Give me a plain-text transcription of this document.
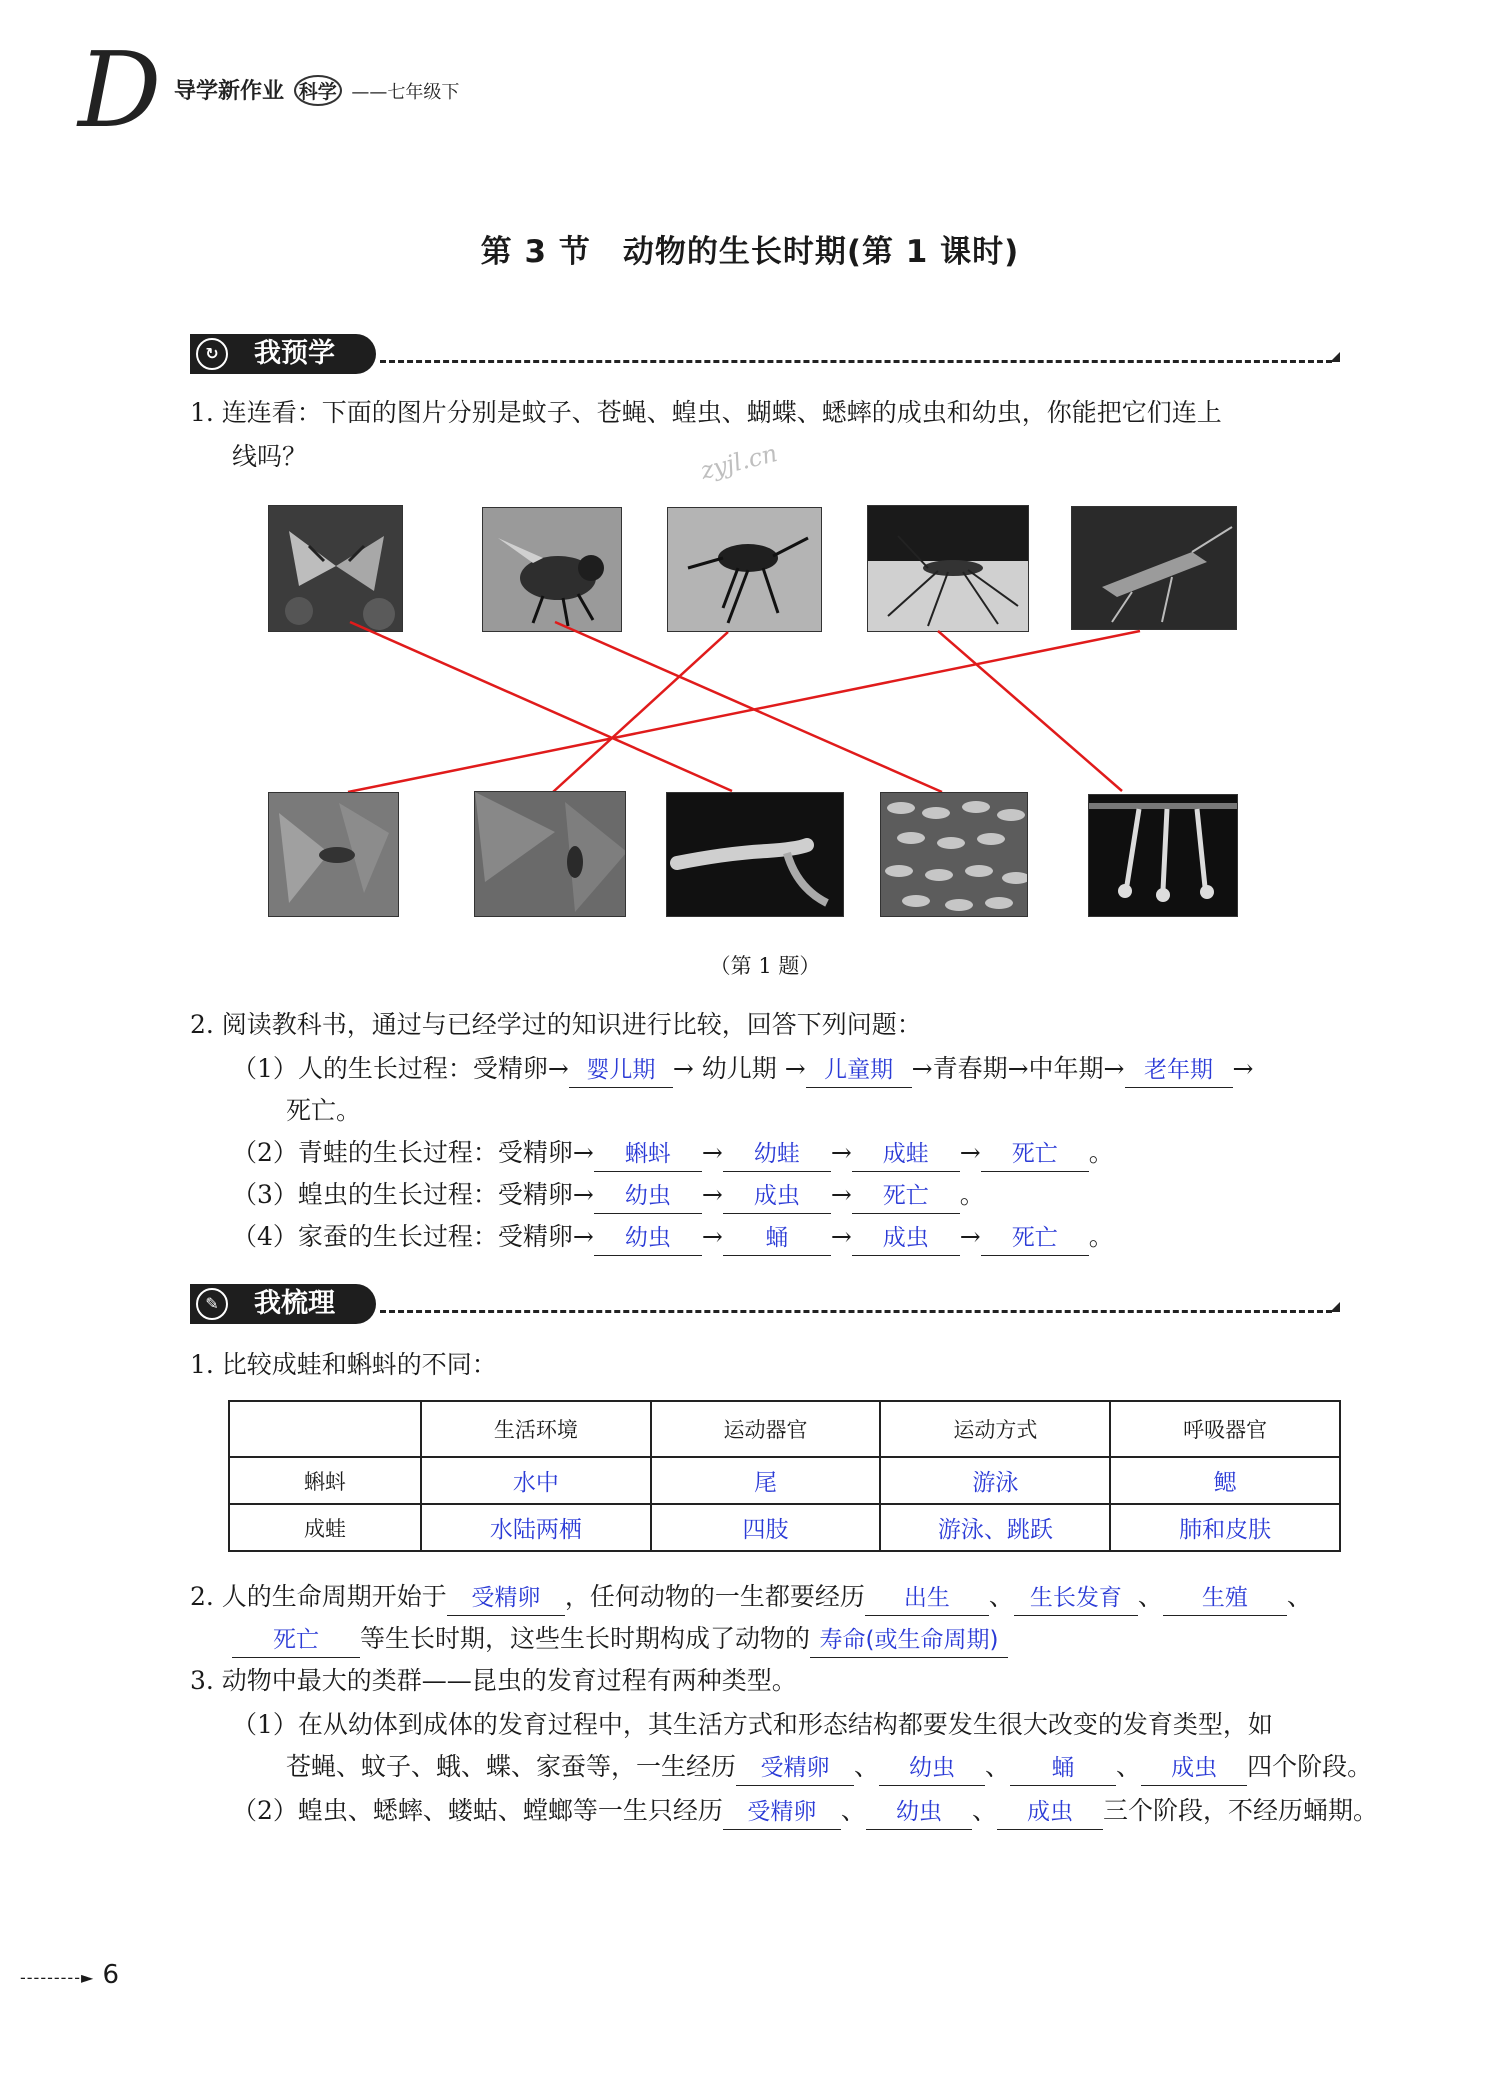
D 导学新作业 科学 ——七年级下
第 3 节　动物的生长时期(第 1 课时)
↻	我预学
1. 连连看：下面的图片分别是蚊子、苍蝇、蝗虫、蝴蝶、蟋蟀的成虫和幼虫，你能把它们连上
线吗？	zyjl.cn
（第 1 题）
2. 阅读教科书，通过与已经学过的知识进行比较，回答下列问题：
（1）人的生长过程：受精卵→ 婴儿期 → 幼儿期 → 儿童期 →青春期→中年期→ 老年期 →
死亡。
（2）青蛙的生长过程：受精卵→ 蝌蚪 → 幼蛙 → 成蛙 → 死亡 。
（3）蝗虫的生长过程：受精卵→ 幼虫 → 成虫 → 死亡 。
（4）家蚕的生长过程：受精卵→ 幼虫 → 蛹 → 成虫 → 死亡 。
✎	我梳理
1. 比较成蛙和蝌蚪的不同：
	生活环境	运动器官	运动方式	呼吸器官
蝌蚪	水中	尾	游泳	鳃
成蛙	水陆两栖	四肢	游泳、跳跃	肺和皮肤
2. 人的生命周期开始于 受精卵 ，任何动物的一生都要经历 出生 、 生长发育 、 生殖 、
死亡 等生长时期，这些生长时期构成了动物的 寿命(或生命周期)
3. 动物中最大的类群——昆虫的发育过程有两种类型。
（1）在从幼体到成体的发育过程中，其生活方式和形态结构都要发生很大改变的发育类型，如
苍蝇、蚊子、蛾、蝶、家蚕等，一生经历 受精卵 、 幼虫 、 蛹 、 成虫 四个阶段。
（2）蝗虫、蟋蟀、蝼蛄、螳螂等一生只经历 受精卵 、 幼虫 、 成虫 三个阶段，不经历蛹期。
---------► 6
